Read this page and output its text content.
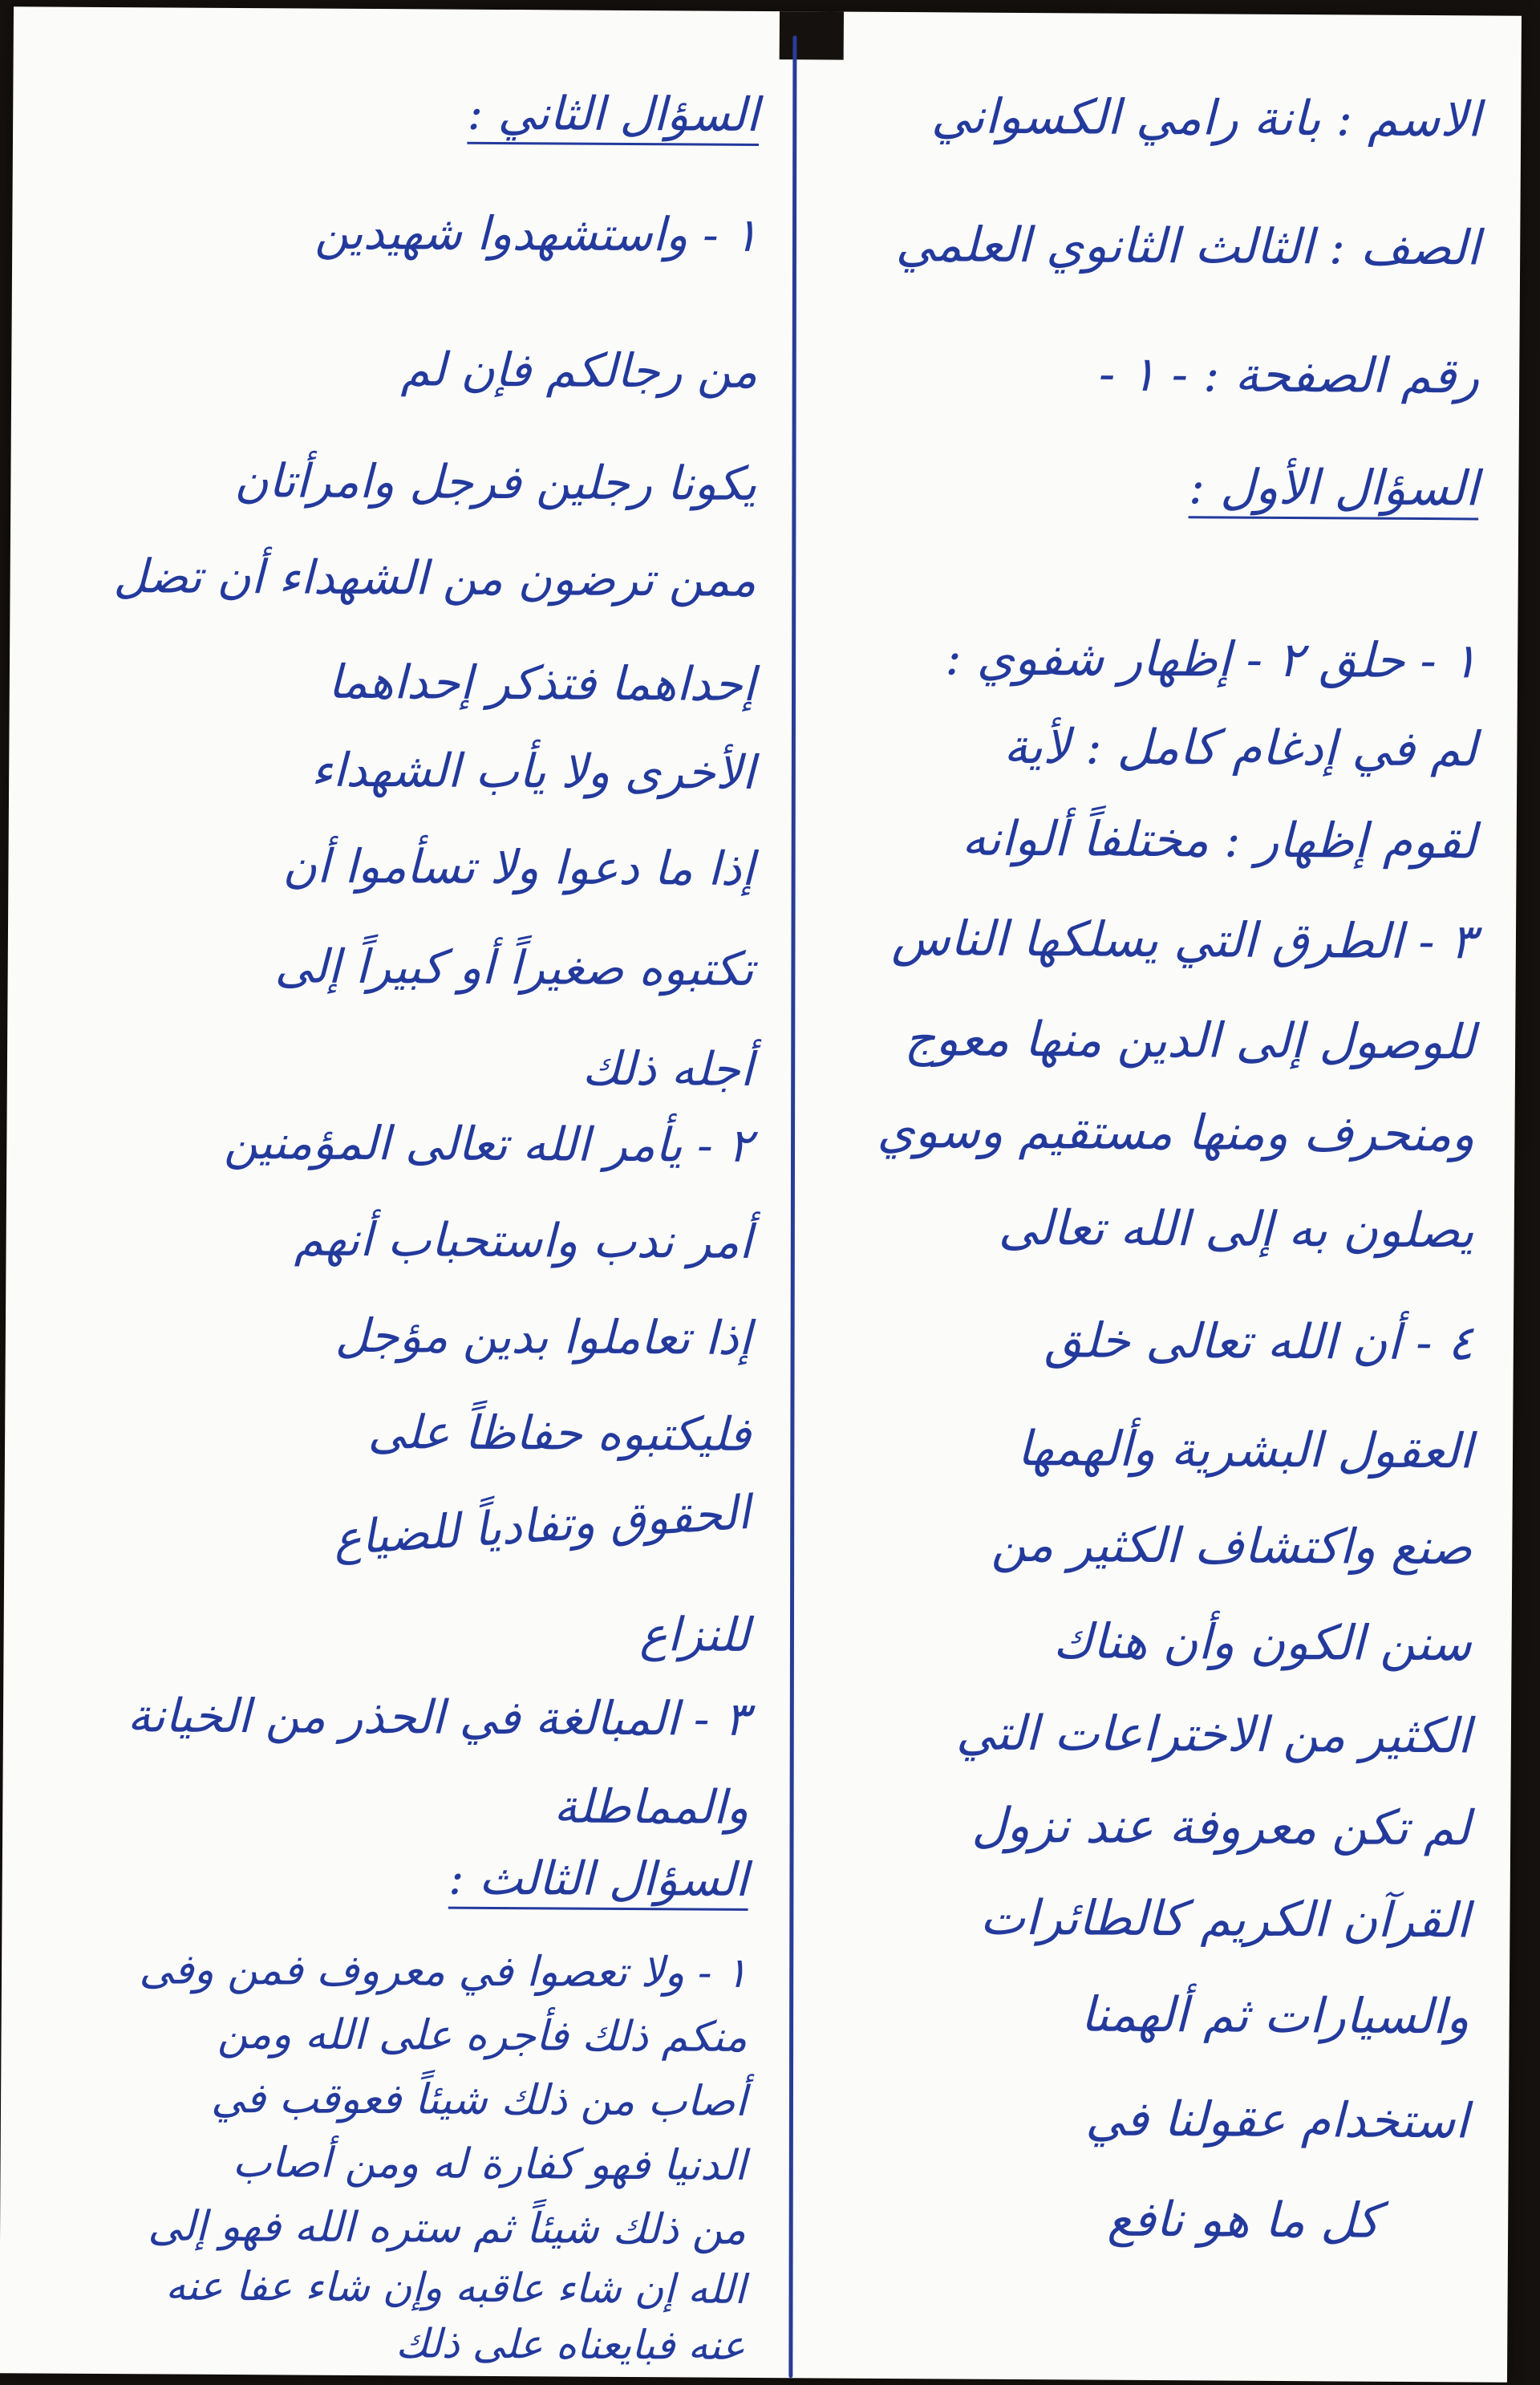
الاسم : بانة رامي الكسواني
الصف : الثالث الثانوي العلمي
رقم الصفحة : - ١ -
السؤال الأول :
١ - حلق ٢ - إظهار شفوي :
لم في إدغام كامل : لأية
لقوم إظهار : مختلفاً ألوانه
٣ - الطرق التي يسلكها الناس
للوصول إلى الدين منها معوج
ومنحرف ومنها مستقيم وسوي
يصلون به إلى الله تعالى
٤ - أن الله تعالى خلق
العقول البشرية وألهمها
صنع واكتشاف الكثير من
سنن الكون وأن هناك
الكثير من الاختراعات التي
لم تكن معروفة عند نزول
القرآن الكريم كالطائرات
والسيارات ثم ألهمنا
استخدام عقولنا في
كل ما هو نافع
السؤال الثاني :
١ - واستشهدوا شهيدين
من رجالكم فإن لم
يكونا رجلين فرجل وامرأتان
ممن ترضون من الشهداء أن تضل
إحداهما فتذكر إحداهما
الأخرى ولا يأب الشهداء
إذا ما دعوا ولا تسأموا أن
تكتبوه صغيراً أو كبيراً إلى
أجله ذلك
٢ - يأمر الله تعالى المؤمنين
أمر ندب واستحباب أنهم
إذا تعاملوا بدين مؤجل
فليكتبوه حفاظاً على
الحقوق وتفادياً للضياع
للنزاع
٣ - المبالغة في الحذر من الخيانة
والمماطلة
السؤال الثالث :
١ - ولا تعصوا في معروف فمن وفى
منكم ذلك فأجره على الله ومن
أصاب من ذلك شيئاً فعوقب في
الدنيا فهو كفارة له ومن أصاب
من ذلك شيئاً ثم ستره الله فهو إلى
الله إن شاء عاقبه وإن شاء عفا عنه
عنه فبايعناه على ذلك
